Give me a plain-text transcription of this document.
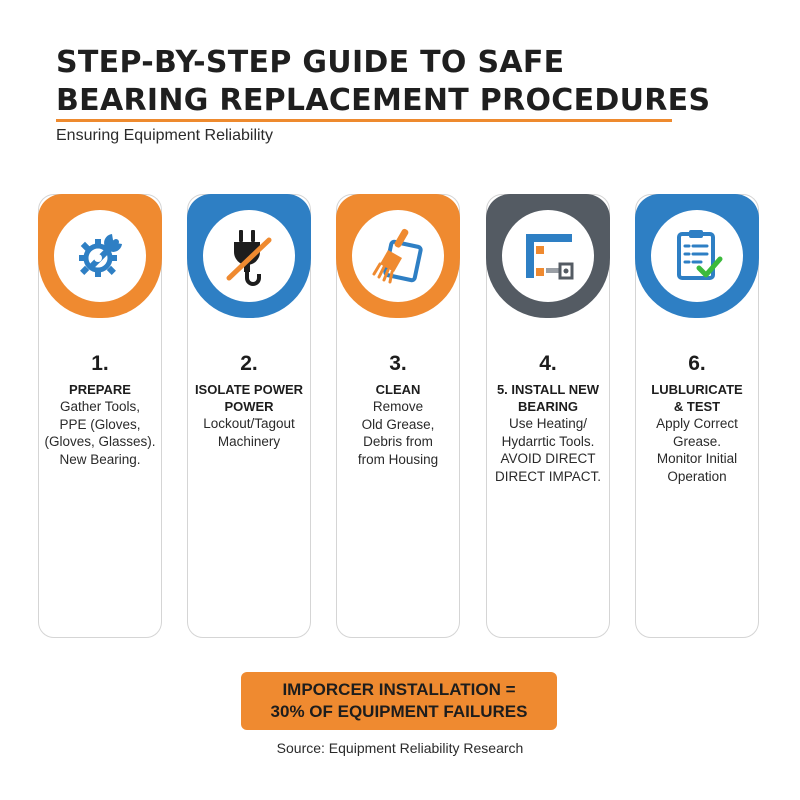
STEP-BY-STEP GUIDE TO SAFE
BEARING REPLACEMENT PROCEDURES
Ensuring Equipment Reliability
1.
PREPARE
Gather Tools,
PPE (Gloves,
(Gloves, Glasses).
New Bearing.
2.
ISOLATE POWER
POWER
Lockout/Tagout
Machinery
3.
CLEAN
Remove
Old Grease,
Debris from
from Housing
4.
5. INSTALL NEW
BEARING
Use Heating/
Hydarrtic Tools.
AVOID DIRECT
DIRECT IMPACT.
6.
LUBLURICATE
& TEST
Apply Correct
Grease.
Monitor Initial
Operation
IMPORCER INSTALLATION =
30% OF EQUIPMENT FAILURES
Source: Equipment Reliability Research
